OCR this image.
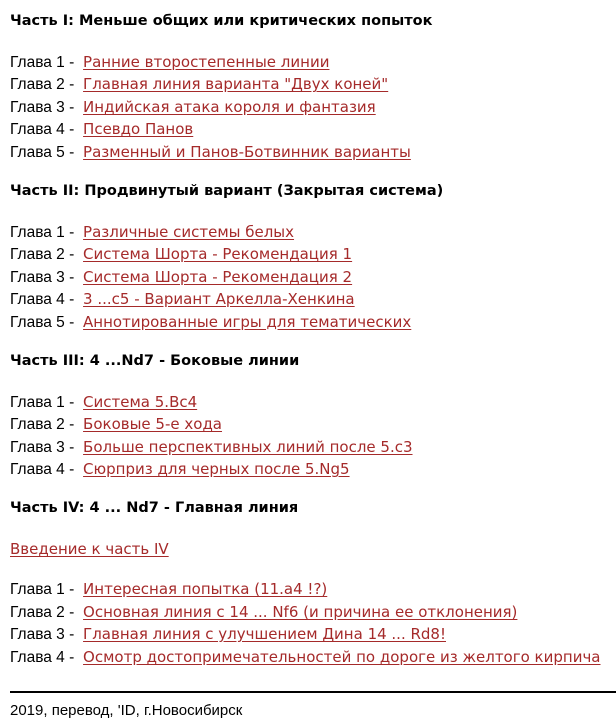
Часть I: Меньше общих или критических попыток
Глава 1 - Ранние второстепенные линии
Глава 2 - Главная линия варианта "Двух коней"
Глава 3 - Индийская атака короля и фантазия
Глава 4 - Псевдо Панов
Глава 5 - Разменный и Панов-Ботвинник варианты
Часть II: Продвинутый вариант (Закрытая система)
Глава 1 - Различные системы белых
Глава 2 - Система Шорта - Рекомендация 1
Глава 3 - Система Шорта - Рекомендация 2
Глава 4 - 3 ...c5 - Вариант Аркелла-Хенкина
Глава 5 - Аннотированные игры для тематических
Часть III: 4 ...Nd7 - Боковые линии
Глава 1 - Система 5.Bc4
Глава 2 - Боковые 5-е хода
Глава 3 - Больше перспективных линий после 5.c3
Глава 4 - Сюрприз для черных после 5.Ng5
Часть IV: 4 ... Nd7 - Главная линия
Введение к часть IV
Глава 1 - Интересная попытка (11.a4 !?)
Глава 2 - Основная линия с 14 ... Nf6 (и причина ее отклонения)
Глава 3 - Главная линия с улучшением Дина 14 ... Rd8!
Глава 4 - Осмотр достопримечательностей по дороге из желтого кирпича
2019, перевод, 'ID, г.Новосибирск
